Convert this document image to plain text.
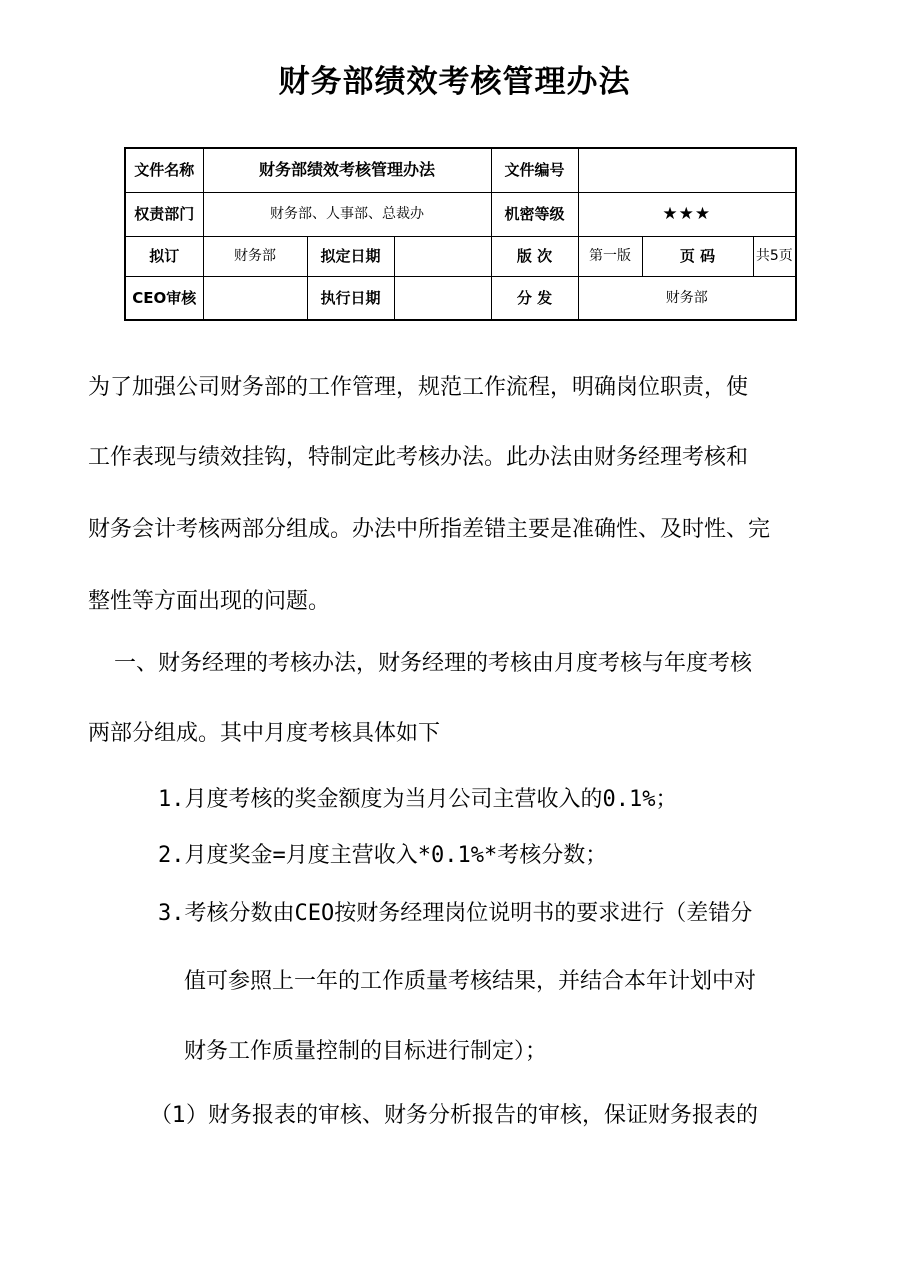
财务部绩效考核管理办法
文件名称	财务部绩效考核管理办法			文件编号			
权责部门	财务部、人事部、总裁办			机密等级	★★★		
拟订	财务部	拟定日期		版 次	第一版	页 码	共5页
CEO审核		执行日期		分 发	财务部		
为了加强公司财务部的工作管理，规范工作流程，明确岗位职责，使
工作表现与绩效挂钩，特制定此考核办法。此办法由财务经理考核和
财务会计考核两部分组成。办法中所指差错主要是准确性、及时性、完
整性等方面出现的问题。
一、财务经理的考核办法，财务经理的考核由月度考核与年度考核
两部分组成。其中月度考核具体如下
1.月度考核的奖金额度为当月公司主营收入的0.1%；
2.月度奖金=月度主营收入*0.1%*考核分数；
3.考核分数由CEO按财务经理岗位说明书的要求进行（差错分
值可参照上一年的工作质量考核结果，并结合本年计划中对
财务工作质量控制的目标进行制定）；
（1）财务报表的审核、财务分析报告的审核，保证财务报表的
